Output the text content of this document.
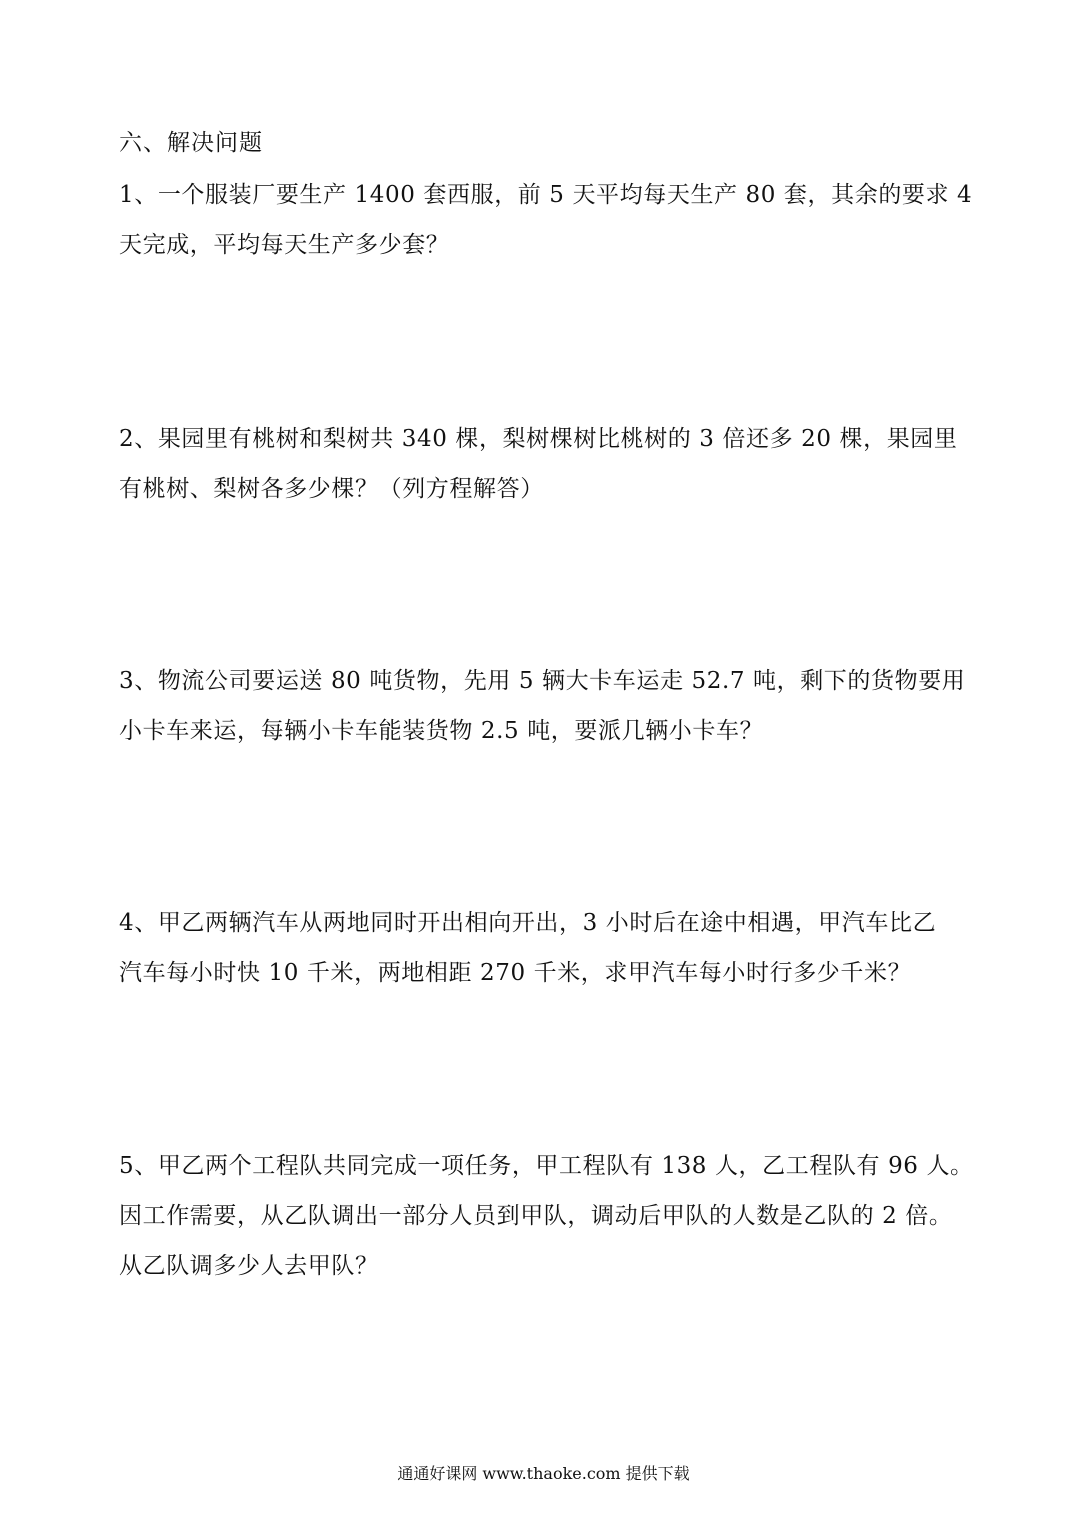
六、解决问题
1、一个服装厂要生产 1400 套西服，前 5 天平均每天生产 80 套，其余的要求 4
天完成，平均每天生产多少套？
2、果园里有桃树和梨树共 340 棵，梨树棵树比桃树的 3 倍还多 20 棵，果园里
有桃树、梨树各多少棵？（列方程解答）
3、物流公司要运送 80 吨货物，先用 5 辆大卡车运走 52.7 吨，剩下的货物要用
小卡车来运，每辆小卡车能装货物 2.5 吨，要派几辆小卡车？
4、甲乙两辆汽车从两地同时开出相向开出，3 小时后在途中相遇，甲汽车比乙
汽车每小时快 10 千米，两地相距 270 千米，求甲汽车每小时行多少千米？
5、甲乙两个工程队共同完成一项任务，甲工程队有 138 人，乙工程队有 96 人。
因工作需要，从乙队调出一部分人员到甲队，调动后甲队的人数是乙队的 2 倍。
从乙队调多少人去甲队？
通通好课网 www.thaoke.com 提供下载
